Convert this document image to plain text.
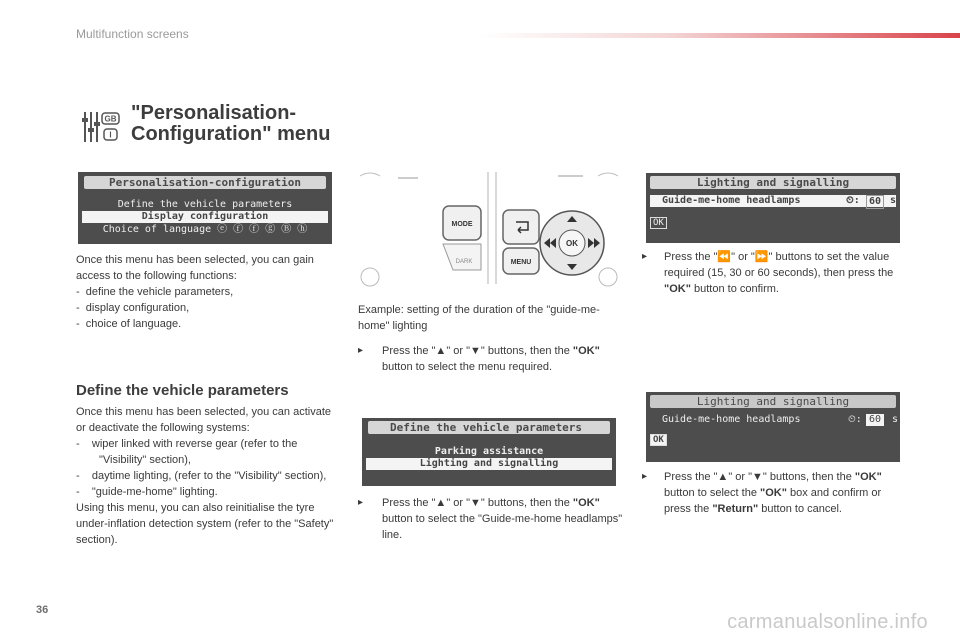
Multifunction screens
GB
I
"Personalisation-
Configuration" menu
Personalisation-configuration
Define the vehicle parameters
Display configuration
Choice of language ⓔ ⓕ ⓕ ⓖ Ⓑ ⓗ
Once this menu has been selected, you can gain access to the following functions:
-  define the vehicle parameters,
-  display configuration,
-  choice of language.
Define the vehicle parameters
Once this menu has been selected, you can activate or deactivate the following systems:
-    wiper linked with reverse gear (refer to the "Visibility" section),
-    daytime lighting, (refer to the "Visibility" section),
-    "guide-me-home" lighting.
Using this menu, you can also reinitialise the tyre under-inflation detection system (refer to the "Safety" section).
MODE
DARK	MENU
OK
Example: setting of the duration of the "guide-me-home" lighting
▸	Press the "▲" or "▼" buttons, then the "OK" button to select the menu required.
Define the vehicle parameters
Parking assistance
Lighting and signalling
▸	Press the "▲" or "▼" buttons, then the "OK" button to select the "Guide-me-home headlamps" line.
Lighting and signalling
Guide-me-home headlamps	⏲: 60 s
OK
▸	Press the "⏪" or "⏩" buttons to set the value required (15, 30 or 60 seconds), then press the "OK" button to confirm.
Lighting and signalling
Guide-me-home headlamps	⏲: 60	s
OK
▸	Press the "▲" or "▼" buttons, then the "OK" button to select the "OK" box and confirm or press the "Return" button to cancel.
36
carmanualsonline.info
